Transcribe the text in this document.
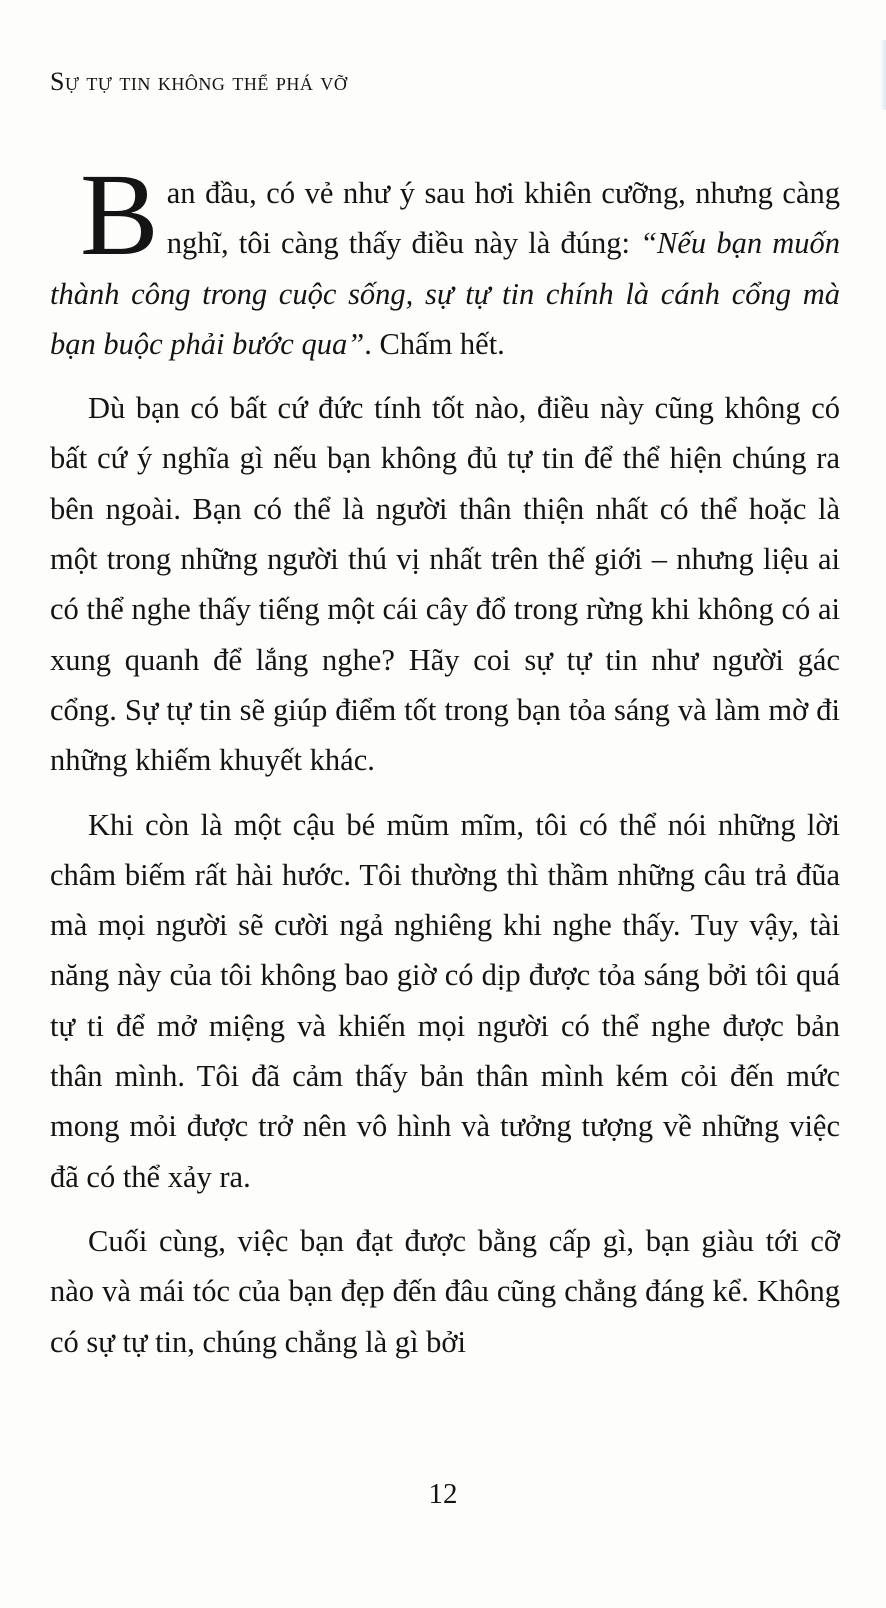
Sự tự tin không thể phá vỡ

Ban đầu, có vẻ như ý sau hơi khiên cưỡng, nhưng càng nghĩ, tôi càng thấy điều này là đúng: “Nếu bạn muốn thành công trong cuộc sống, sự tự tin chính là cánh cổng mà bạn buộc phải bước qua”. Chấm hết.

Dù bạn có bất cứ đức tính tốt nào, điều này cũng không có bất cứ ý nghĩa gì nếu bạn không đủ tự tin để thể hiện chúng ra bên ngoài. Bạn có thể là người thân thiện nhất có thể hoặc là một trong những người thú vị nhất trên thế giới – nhưng liệu ai có thể nghe thấy tiếng một cái cây đổ trong rừng khi không có ai xung quanh để lắng nghe? Hãy coi sự tự tin như người gác cổng. Sự tự tin sẽ giúp điểm tốt trong bạn tỏa sáng và làm mờ đi những khiếm khuyết khác.

Khi còn là một cậu bé mũm mĩm, tôi có thể nói những lời châm biếm rất hài hước. Tôi thường thì thầm những câu trả đũa mà mọi người sẽ cười ngả nghiêng khi nghe thấy. Tuy vậy, tài năng này của tôi không bao giờ có dịp được tỏa sáng bởi tôi quá tự ti để mở miệng và khiến mọi người có thể nghe được bản thân mình. Tôi đã cảm thấy bản thân mình kém cỏi đến mức mong mỏi được trở nên vô hình và tưởng tượng về những việc đã có thể xảy ra.

Cuối cùng, việc bạn đạt được bằng cấp gì, bạn giàu tới cỡ nào và mái tóc của bạn đẹp đến đâu cũng chẳng đáng kể. Không có sự tự tin, chúng chẳng là gì bởi

12
